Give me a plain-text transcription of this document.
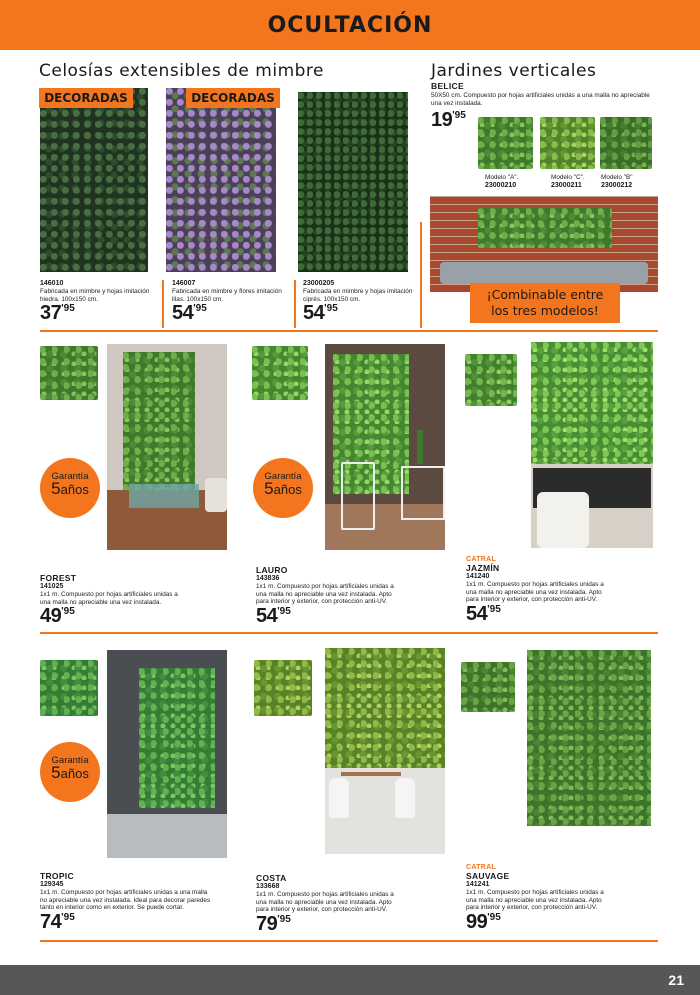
OCULTACIÓN
Celosías extensibles de mimbre
DECORADAS	DECORADAS
146010
Fabricada en mimbre y hojas imitación hiedra. 100x150 cm.
$37^{'95}$
146007
Fabricada en mimbre y flores imitación lilas. 100x150 cm.
$54^{'95}$
23000205
Fabricada en mimbre y hojas imitación ciprés. 100x150 cm.
$54^{'95}$
Jardines verticales
BELICE
50X50 cm. Compuesto por hojas artificiales unidas a una malla no apreciable una vez instalada.
$19^{'95}$
Modelo "A".
23000210
Modelo "C".
23000211
Modelo "B"
23000212
¡Combinable entre
los tres modelos!
Garantía
5años
Garantía
5años
FOREST
141025
1x1 m. Compuesto por hojas artificiales unidas a una malla no apreciable una vez instalada.
$49^{'95}$
LAURO
143836
1x1 m. Compuesto por hojas artificiales unidas a una malla no apreciable una vez instalada. Apto para interior y exterior, con protección anti-UV.
$54^{'95}$
CATRAL
JAZMÍN
141240
1x1 m. Compuesto por hojas artificiales unidas a una malla no apreciable una vez instalada. Apto para interior y exterior, con protección anti-UV.
$54^{'95}$
Garantía
5años
TROPIC
129345
1x1 m. Compuesto por hojas artificiales unidas a una malla no apreciable una vez instalada. Ideal para decorar paredes tanto en interior como en exterior. Se puede cortar.
$74^{'95}$
COSTA
133668
1x1 m. Compuesto por hojas artificiales unidas a una malla no apreciable una vez instalada. Apto para interior y exterior, con protección anti-UV.
$79^{'95}$
CATRAL
SAUVAGE
141241
1x1 m. Compuesto por hojas artificiales unidas a una malla no apreciable una vez instalada. Apto para interior y exterior, con protección anti-UV.
$99^{'95}$
21
